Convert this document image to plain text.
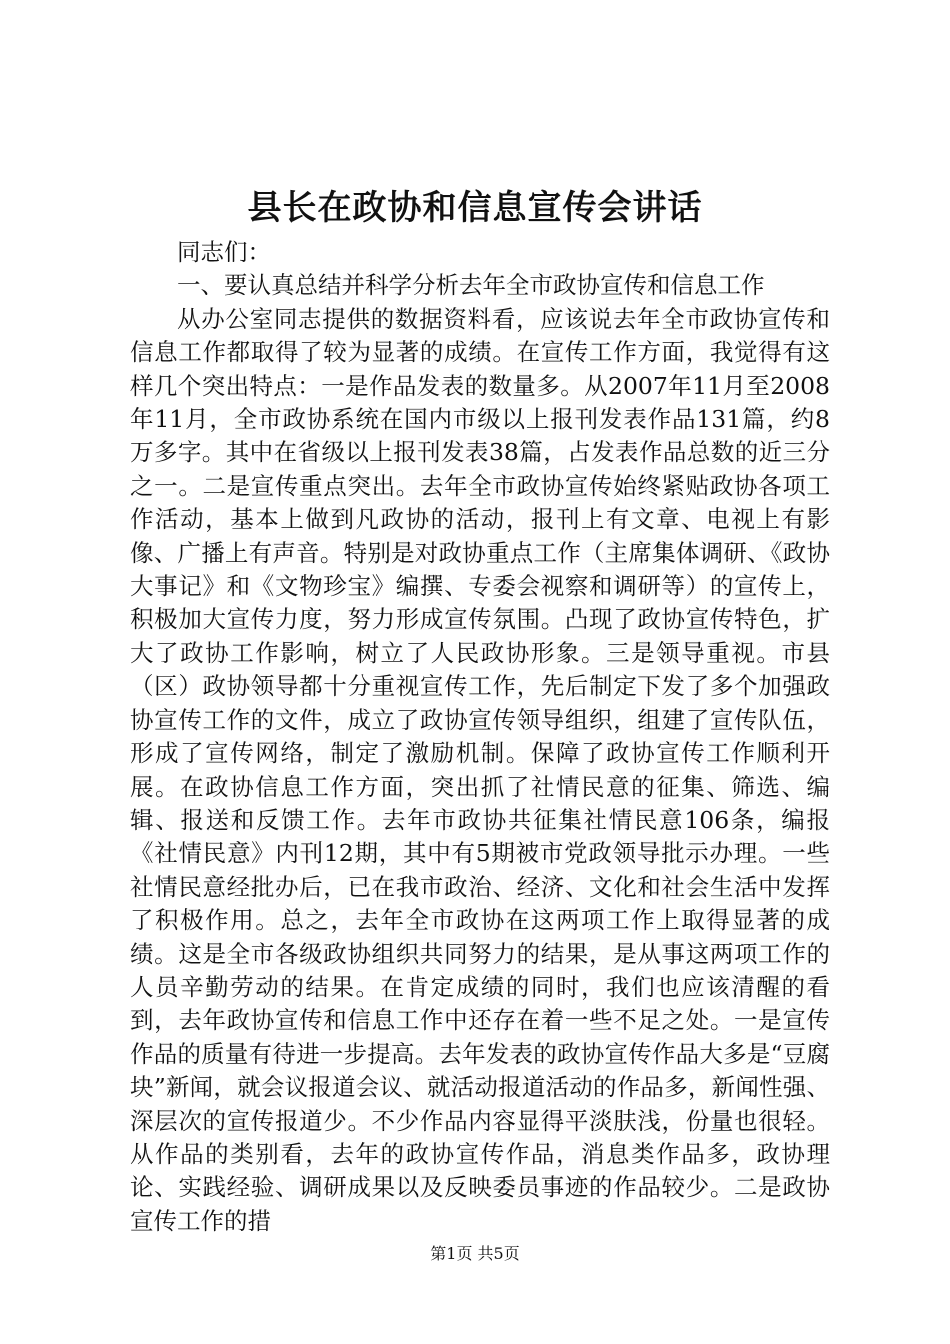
县长在政协和信息宣传会讲话

同志们：

一、要认真总结并科学分析去年全市政协宣传和信息工作

从办公室同志提供的数据资料看，应该说去年全市政协宣传和信息工作都取得了较为显著的成绩。在宣传工作方面，我觉得有这样几个突出特点：一是作品发表的数量多。从2007年11月至2008年11月，全市政协系统在国内市级以上报刊发表作品131篇，约8万多字。其中在省级以上报刊发表38篇，占发表作品总数的近三分之一。二是宣传重点突出。去年全市政协宣传始终紧贴政协各项工作活动，基本上做到凡政协的活动，报刊上有文章、电视上有影像、广播上有声音。特别是对政协重点工作（主席集体调研、《政协大事记》和《文物珍宝》编撰、专委会视察和调研等）的宣传上，积极加大宣传力度，努力形成宣传氛围。凸现了政协宣传特色，扩大了政协工作影响，树立了人民政协形象。三是领导重视。市县（区）政协领导都十分重视宣传工作，先后制定下发了多个加强政协宣传工作的文件，成立了政协宣传领导组织，组建了宣传队伍，形成了宣传网络，制定了激励机制。保障了政协宣传工作顺利开展。在政协信息工作方面，突出抓了社情民意的征集、筛选、编辑、报送和反馈工作。去年市政协共征集社情民意106条，编报《社情民意》内刊12期，其中有5期被市党政领导批示办理。一些社情民意经批办后，已在我市政治、经济、文化和社会生活中发挥了积极作用。总之，去年全市政协在这两项工作上取得显著的成绩。这是全市各级政协组织共同努力的结果，是从事这两项工作的人员辛勤劳动的结果。在肯定成绩的同时，我们也应该清醒的看到，去年政协宣传和信息工作中还存在着一些不足之处。一是宣传作品的质量有待进一步提高。去年发表的政协宣传作品大多是“豆腐块”新闻，就会议报道会议、就活动报道活动的作品多，新闻性强、深层次的宣传报道少。不少作品内容显得平淡肤浅，份量也很轻。从作品的类别看，去年的政协宣传作品，消息类作品多，政协理论、实践经验、调研成果以及反映委员事迹的作品较少。二是政协宣传工作的措

第1页 共5页
